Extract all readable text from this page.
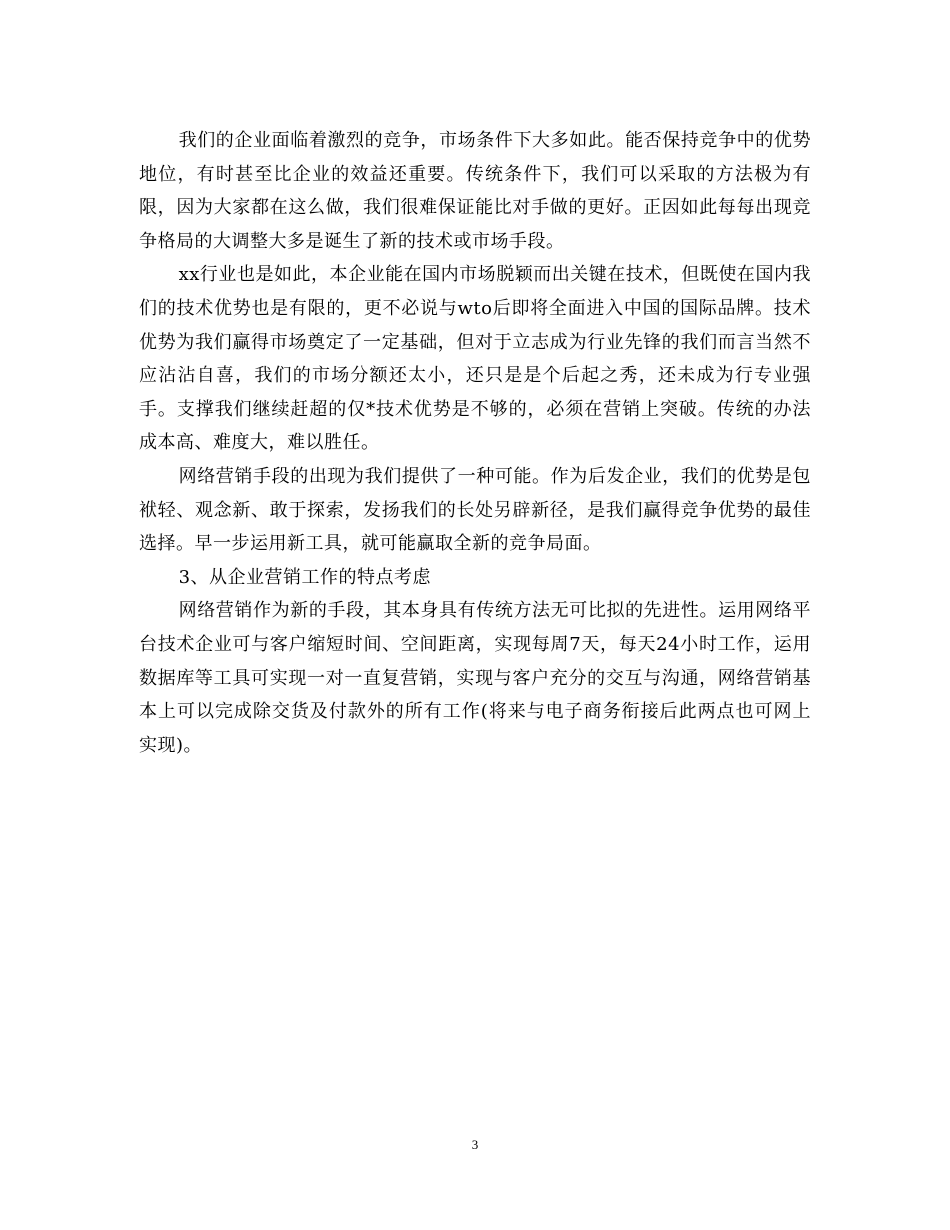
我们的企业面临着激烈的竞争，市场条件下大多如此。能否保持竞争中的优势地位，有时甚至比企业的效益还重要。传统条件下，我们可以采取的方法极为有限，因为大家都在这么做，我们很难保证能比对手做的更好。正因如此每每出现竞争格局的大调整大多是诞生了新的技术或市场手段。

xx行业也是如此，本企业能在国内市场脱颖而出关键在技术，但既使在国内我们的技术优势也是有限的，更不必说与wto后即将全面进入中国的国际品牌。技术优势为我们赢得市场奠定了一定基础，但对于立志成为行业先锋的我们而言当然不应沾沾自喜，我们的市场分额还太小，还只是是个后起之秀，还未成为行专业强手。支撑我们继续赶超的仅*技术优势是不够的，必须在营销上突破。传统的办法成本高、难度大，难以胜任。

网络营销手段的出现为我们提供了一种可能。作为后发企业，我们的优势是包袱轻、观念新、敢于探索，发扬我们的长处另辟新径，是我们赢得竞争优势的最佳选择。早一步运用新工具，就可能赢取全新的竞争局面。

3、从企业营销工作的特点考虑

网络营销作为新的手段，其本身具有传统方法无可比拟的先进性。运用网络平台技术企业可与客户缩短时间、空间距离，实现每周7天，每天24小时工作，运用数据库等工具可实现一对一直复营销，实现与客户充分的交互与沟通，网络营销基本上可以完成除交货及付款外的所有工作(将来与电子商务衔接后此两点也可网上实现)。

3
